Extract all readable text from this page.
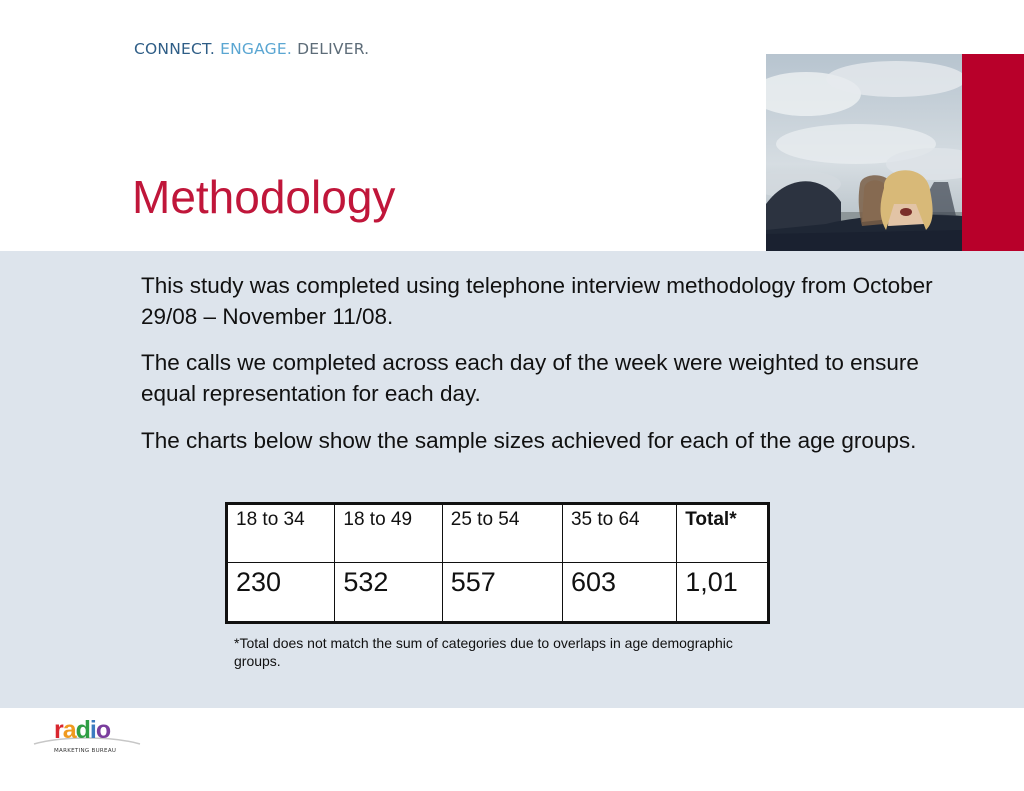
CONNECT. ENGAGE. DELIVER.
Methodology

This study was completed using telephone interview methodology from October 29/08 – November 11/08.

The calls we completed across each day of the week were weighted to ensure equal representation for each day.

The charts below show the sample sizes achieved for each of the age groups.

18 to 34	18 to 49	25 to 54	35 to 64	Total*
230	532	557	603	1,01

*Total does not match the sum of categories due to overlaps in age demographic groups.

radio
MARKETING BUREAU
